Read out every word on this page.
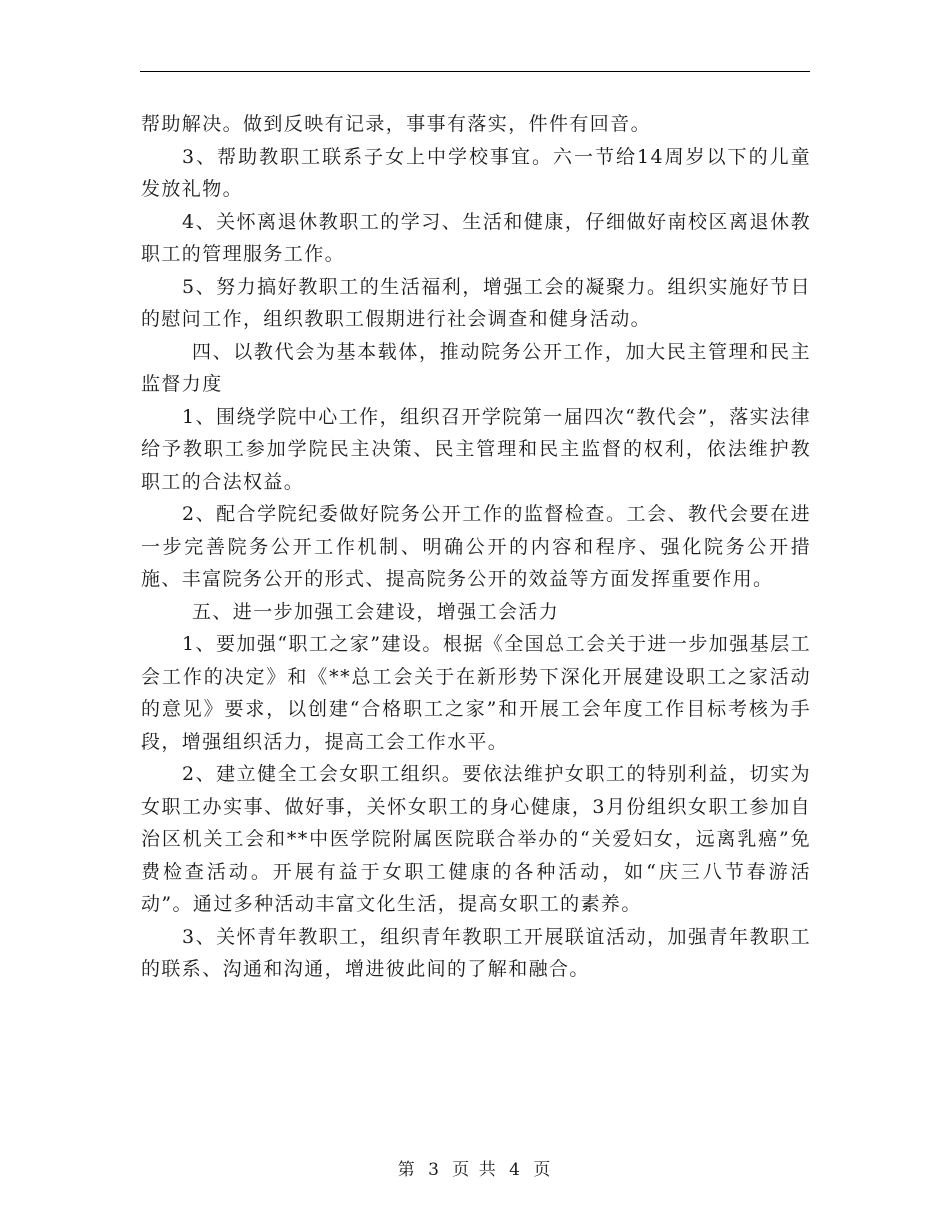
帮助解决。做到反映有记录，事事有落实，件件有回音。

3、帮助教职工联系子女上中学校事宜。六一节给14周岁以下的儿童发放礼物。

4、关怀离退休教职工的学习、生活和健康，仔细做好南校区离退休教职工的管理服务工作。

5、努力搞好教职工的生活福利，增强工会的凝聚力。组织实施好节日的慰问工作，组织教职工假期进行社会调查和健身活动。

四、以教代会为基本载体，推动院务公开工作，加大民主管理和民主监督力度

1、围绕学院中心工作，组织召开学院第一届四次“教代会”，落实法律给予教职工参加学院民主决策、民主管理和民主监督的权利，依法维护教职工的合法权益。

2、配合学院纪委做好院务公开工作的监督检查。工会、教代会要在进一步完善院务公开工作机制、明确公开的内容和程序、强化院务公开措施、丰富院务公开的形式、提高院务公开的效益等方面发挥重要作用。

五、进一步加强工会建设，增强工会活力

1、要加强“职工之家”建设。根据《全国总工会关于进一步加强基层工会工作的决定》和《**总工会关于在新形势下深化开展建设职工之家活动的意见》要求，以创建“合格职工之家”和开展工会年度工作目标考核为手段，增强组织活力，提高工会工作水平。

2、建立健全工会女职工组织。要依法维护女职工的特别利益，切实为女职工办实事、做好事，关怀女职工的身心健康，3月份组织女职工参加自治区机关工会和**中医学院附属医院联合举办的“关爱妇女，远离乳癌”免费检查活动。开展有益于女职工健康的各种活动，如“庆三八节春游活动”。通过多种活动丰富文化生活，提高女职工的素养。

3、关怀青年教职工，组织青年教职工开展联谊活动，加强青年教职工的联系、沟通和沟通，增进彼此间的了解和融合。

第 3 页 共 4 页
